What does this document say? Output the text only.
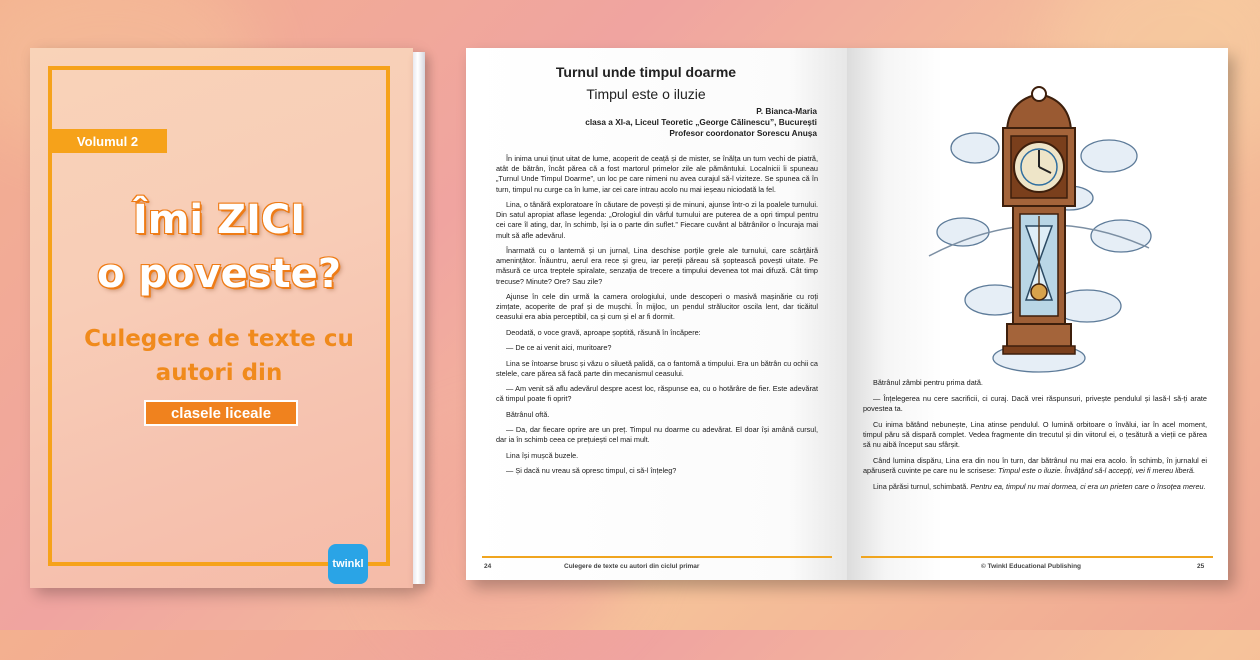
Volumul 2
Îmi ZICI
o poveste?
Culegere de texte cu
autori din
clasele liceale
twinkl
Turnul unde timpul doarme
Timpul este o iluzie
P. Bianca-Maria
clasa a XI-a, Liceul Teoretic „George Călinescu”, București
Profesor coordonator Sorescu Anușa

În inima unui ținut uitat de lume, acoperit de ceață și de mister, se înălța un turn vechi de piatră, atât de bătrân, încât părea că a fost martorul primelor zile ale pământului. Localnicii îi spuneau „Turnul Unde Timpul Doarme”, un loc pe care nimeni nu avea curajul să-l viziteze. Se spunea că în turn, timpul nu curge ca în lume, iar cei care intrau acolo nu mai ieșeau niciodată la fel.

Lina, o tânără exploratoare în căutare de povești și de minuni, ajunse într-o zi la poalele turnului. Din satul apropiat aflase legenda: „Orologiul din vârful turnului are puterea de a opri timpul pentru cei care îl ating, dar, în schimb, își ia o parte din suflet.” Fiecare cuvânt al bătrânilor o încuraja mai mult să afle adevărul.

Înarmată cu o lanternă și un jurnal, Lina deschise porțile grele ale turnului, care scârțâiră amenințător. Înăuntru, aerul era rece și greu, iar pereții păreau să șoptească povești uitate. Pe măsură ce urca treptele spiralate, senzația de trecere a timpului devenea tot mai difuză. Cât timp trecuse? Minute? Ore? Sau zile?

Ajunse în cele din urmă la camera orologiului, unde descoperi o masivă mașinărie cu roți zimțate, acoperite de praf și de mușchi. În mijloc, un pendul strălucitor oscila lent, dar ticăitul ceasului era abia perceptibil, ca și cum și el ar fi dormit.

Deodată, o voce gravă, aproape șoptită, răsună în încăpere:

— De ce ai venit aici, muritoare?

Lina se întoarse brusc și văzu o siluetă palidă, ca o fantomă a timpului. Era un bătrân cu ochii ca stelele, care părea să facă parte din mecanismul ceasului.

— Am venit să aflu adevărul despre acest loc, răspunse ea, cu o hotărâre de fier. Este adevărat că timpul poate fi oprit?

Bătrânul oftă.

— Da, dar fiecare oprire are un preț. Timpul nu doarme cu adevărat. El doar își amână cursul, dar ia în schimb ceea ce prețuiești cel mai mult.

Lina își mușcă buzele.

— Și dacă nu vreau să opresc timpul, ci să-l înțeleg?

24	Culegere de texte cu autori din ciclul primar

Bătrânul zâmbi pentru prima dată.

— Înțelegerea nu cere sacrificii, ci curaj. Dacă vrei răspunsuri, privește pendulul și lasă-l să-ți arate povestea ta.

Cu inima bătând nebunește, Lina atinse pendulul. O lumină orbitoare o învălui, iar în acel moment, timpul păru să dispară complet. Vedea fragmente din trecutul și din viitorul ei, o țesătură a vieții ce părea să nu aibă început sau sfârșit.

Când lumina dispăru, Lina era din nou în turn, dar bătrânul nu mai era acolo. În schimb, în jurnalul ei apăruseră cuvinte pe care nu le scrisese: Timpul este o iluzie. Învățând să-l accepți, vei fi mereu liberă.

Lina părăsi turnul, schimbată. Pentru ea, timpul nu mai dormea, ci era un prieten care o însoțea mereu.

© Twinkl Educational Publishing	25
